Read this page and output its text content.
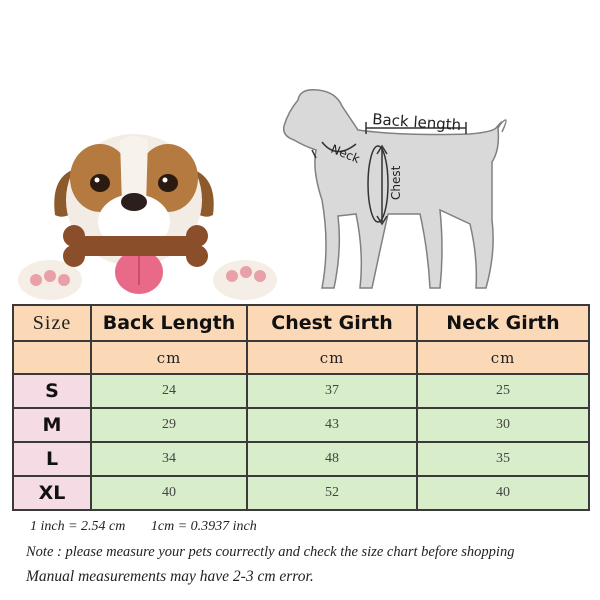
Back length
Neck
Chest
Size	Back Length	Chest Girth	Neck Girth
	cm	cm	cm
S	24	37	25
M	29	43	30
L	34	48	35
XL	40	52	40
1 inch = 2.54 cm 1cm = 0.3937 inch
Note : please measure your pets courrectly and check the size chart before shopping
Manual measurements may have 2-3 cm error.
